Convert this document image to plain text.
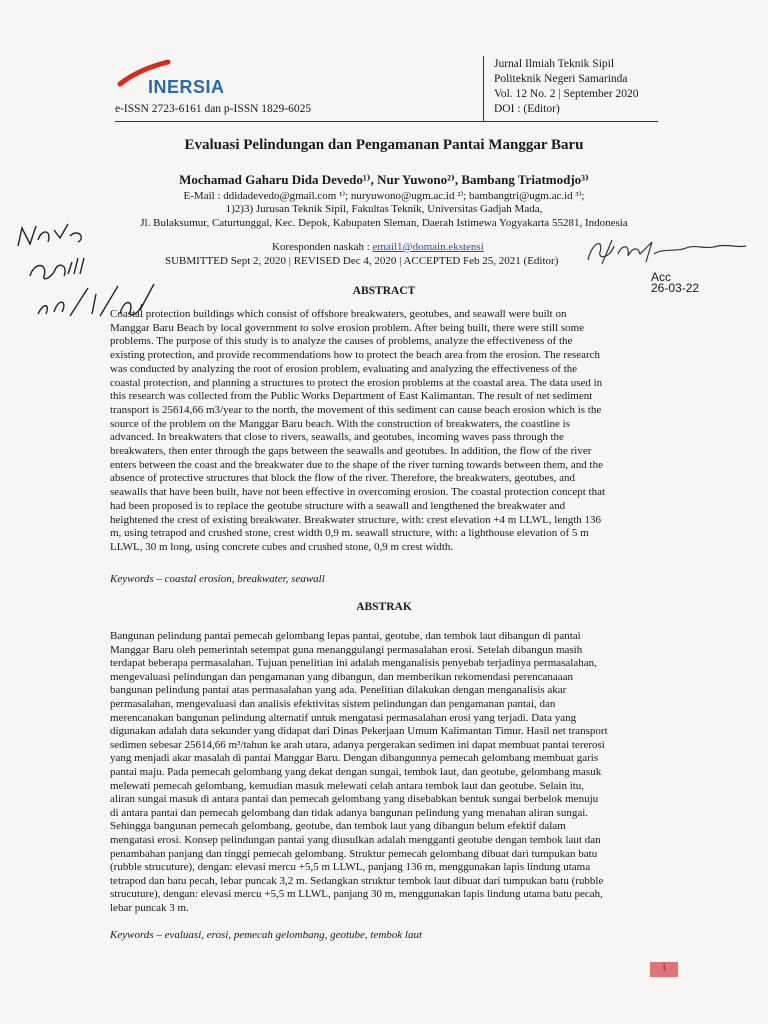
INERSIA
e-ISSN 2723-6161 dan p-ISSN 1829-6025
Jurnal Ilmiah Teknik Sipil
Politeknik Negeri Samarinda
Vol. 12 No. 2 | September 2020
DOI : (Editor)
Evaluasi Pelindungan dan Pengamanan Pantai Manggar Baru
Mochamad Gaharu Dida Devedo¹⁾, Nur Yuwono²⁾, Bambang Triatmodjo³⁾
E-Mail : ddidadevedo@gmail.com ¹⁾; nuryuwono@ugm.ac.id ²⁾; bambangtri@ugm.ac.id ³⁾;
1)2)3) Jurusan Teknik Sipil, Fakultas Teknik, Universitas Gadjah Mada,
Jl. Bulaksumur, Caturtunggal, Kec. Depok, Kabupaten Sleman, Daerah Istimewa Yogyakarta 55281, Indonesia
Koresponden naskah : email1@domain.ekstensi
SUBMITTED Sept 2, 2020 | REVISED Dec 4, 2020 | ACCEPTED Feb 25, 2021 (Editor)
Acc
26-03-22
ABSTRACT
Coastal protection buildings which consist of offshore breakwaters, geotubes, and seawall were built on
Manggar Baru Beach by local government to solve erosion problem. After being built, there were still some
problems. The purpose of this study is to analyze the causes of problems, analyze the effectiveness of the
existing protection, and provide recommendations how to protect the beach area from the erosion. The research
was conducted by analyzing the root of erosion problem, evaluating and analyzing the effectiveness of the
coastal protection, and planning a structures to protect the erosion problems at the coastal area. The data used in
this research was collected from the Public Works Department of East Kalimantan. The result of net sediment
transport is 25614,66 m3/year to the north, the movement of this sediment can cause beach erosion which is the
source of the problem on the Manggar Baru beach. With the construction of breakwaters, the coastline is
advanced. In breakwaters that close to rivers, seawalls, and geotubes, incoming waves pass through the
breakwaters, then enter through the gaps between the seawalls and geotubes. In addition, the flow of the river
enters between the coast and the breakwater due to the shape of the river turning towards between them, and the
absence of protective structures that block the flow of the river. Therefore, the breakwaters, geotubes, and
seawalls that have been built, have not been effective in overcoming erosion. The coastal protection concept that
had been proposed is to replace the geotube structure with a seawall and lengthened the breakwater and
heightened the crest of existing breakwater. Breakwater structure, with: crest elevation +4 m LLWL, length 136
m, using tetrapod and crushed stone, crest width 0,9 m. seawall structure, with: a lighthouse elevation of 5 m
LLWL, 30 m long, using concrete cubes and crushed stone, 0,9 m crest width.
Keywords – coastal erosion, breakwater, seawall
ABSTRAK
Bangunan pelindung pantai pemecah gelombang lepas pantai, geotube, dan tembok laut dibangun di pantai
Manggar Baru oleh pemerintah setempat guna menanggulangi permasalahan erosi. Setelah dibangun masih
terdapat beberapa permasalahan. Tujuan penelitian ini adalah menganalisis penyebab terjadinya permasalahan,
mengevaluasi pelindungan dan pengamanan yang dibangun, dan memberikan rekomendasi perencanaaan
bangunan pelindung pantai atas permasalahan yang ada. Penelitian dilakukan dengan menganalisis akar
permasalahan, mengevaluasi dan analisis efektivitas sistem pelindungan dan pengamanan pantai, dan
merencanakan bangunan pelindung alternatif untuk mengatasi permasalahan erosi yang terjadi. Data yang
digunakan adalah data sekunder yang didapat dari Dinas Pekerjaan Umum Kalimantan Timur. Hasil net transport
sedimen sebesar 25614,66 m³/tahun ke arah utara, adanya pergerakan sedimen ini dapat membuat pantai tererosi
yang menjadi akar masalah di pantai Manggar Baru. Dengan dibangunnya pemecah gelombang membuat garis
pantai maju. Pada pemecah gelombang yang dekat dengan sungai, tembok laut, dan geotube, gelombang masuk
melewati pemecah gelombang, kemudian masuk melewati celah antara tembok laut dan geotube. Selain itu,
aliran sungai masuk di antara pantai dan pemecah gelombang yang disebabkan bentuk sungai berbelok menuju
di antara pantai dan pemecah gelombang dan tidak adanya bangunan pelindung yang menahan aliran sungai.
Sehingga bangunan pemecah gelombang, geotube, dan tembok laut yang dibangun belum efektif dalam
mengatasi erosi. Konsep pelindungan pantai yang diusulkan adalah mengganti geotube dengan tembok laut dan
penambahan panjang dan tinggi pemecah gelombang. Struktur pemecah gelombang dibuat dari tumpukan batu
(rubble strucuture), dengan: elevasi mercu +5,5 m LLWL, panjang 136 m, menggunakan lapis lindung utama
tetrapod dan batu pecah, lebar puncak 3,2 m. Sedangkan struktur tembok laut dibuat dari tumpukan batu (rubble
strucuture), dengan: elevasi mercu +5,5 m LLWL, panjang 30 m, menggunakan lapis lindung utama batu pecah,
lebar puncak 3 m.
Keywords – evaluasi, erosi, pemecah gelombang, geotube, tembok laut
1
